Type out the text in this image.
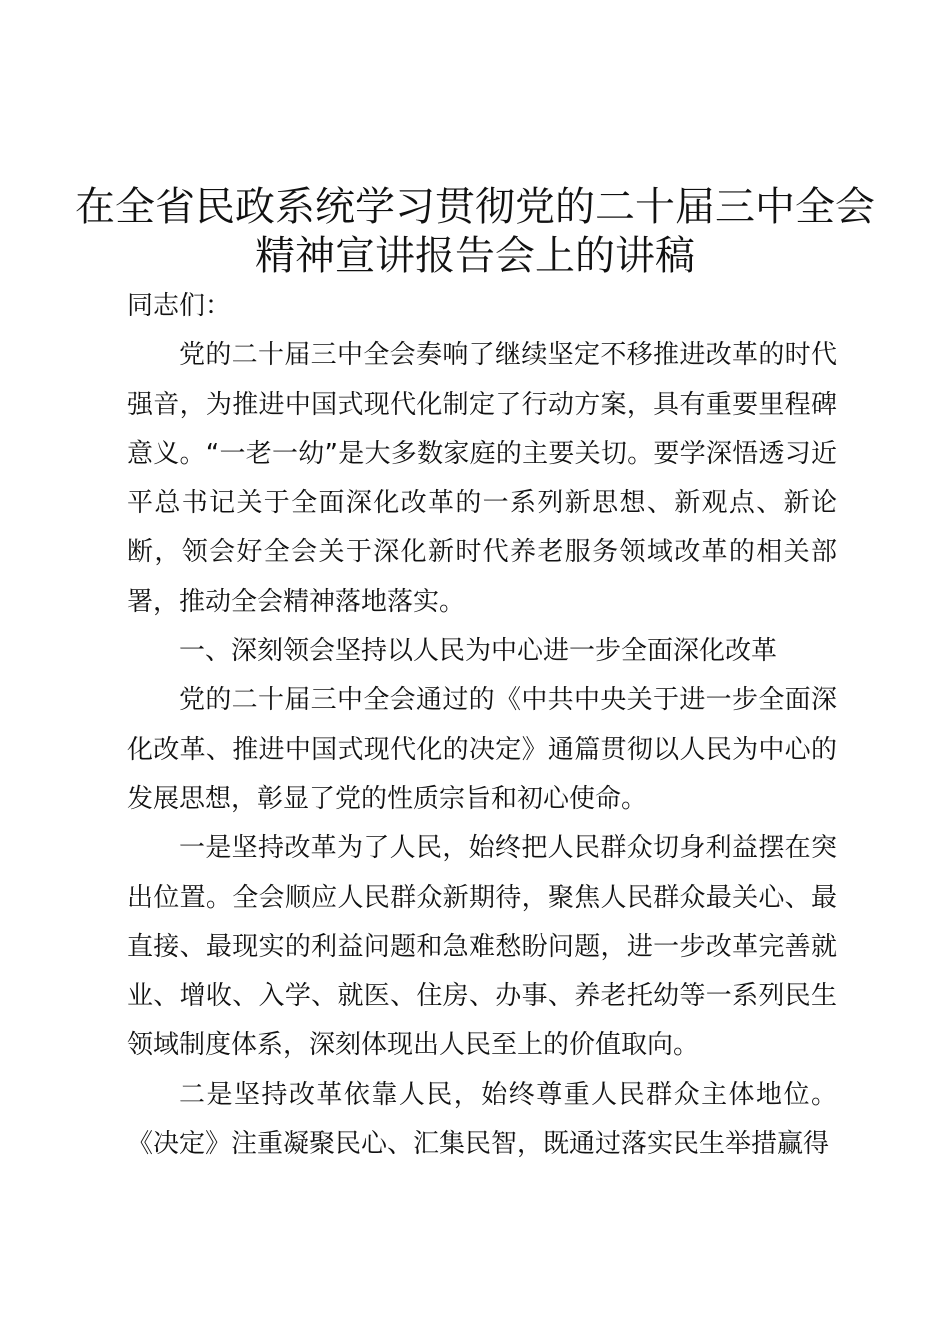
在全省民政系统学习贯彻党的二十届三中全会
精神宣讲报告会上的讲稿

同志们：

党的二十届三中全会奏响了继续坚定不移推进改革的时代强音，为推进中国式现代化制定了行动方案，具有重要里程碑意义。“一老一幼”是大多数家庭的主要关切。要学深悟透习近平总书记关于全面深化改革的一系列新思想、新观点、新论断，领会好全会关于深化新时代养老服务领域改革的相关部署，推动全会精神落地落实。

一、深刻领会坚持以人民为中心进一步全面深化改革

党的二十届三中全会通过的《中共中央关于进一步全面深化改革、推进中国式现代化的决定》通篇贯彻以人民为中心的发展思想，彰显了党的性质宗旨和初心使命。

一是坚持改革为了人民，始终把人民群众切身利益摆在突出位置。全会顺应人民群众新期待，聚焦人民群众最关心、最直接、最现实的利益问题和急难愁盼问题，进一步改革完善就业、增收、入学、就医、住房、办事、养老托幼等一系列民生领域制度体系，深刻体现出人民至上的价值取向。

二是坚持改革依靠人民，始终尊重人民群众主体地位。《决定》注重凝聚民心、汇集民智，既通过落实民生举措赢得
